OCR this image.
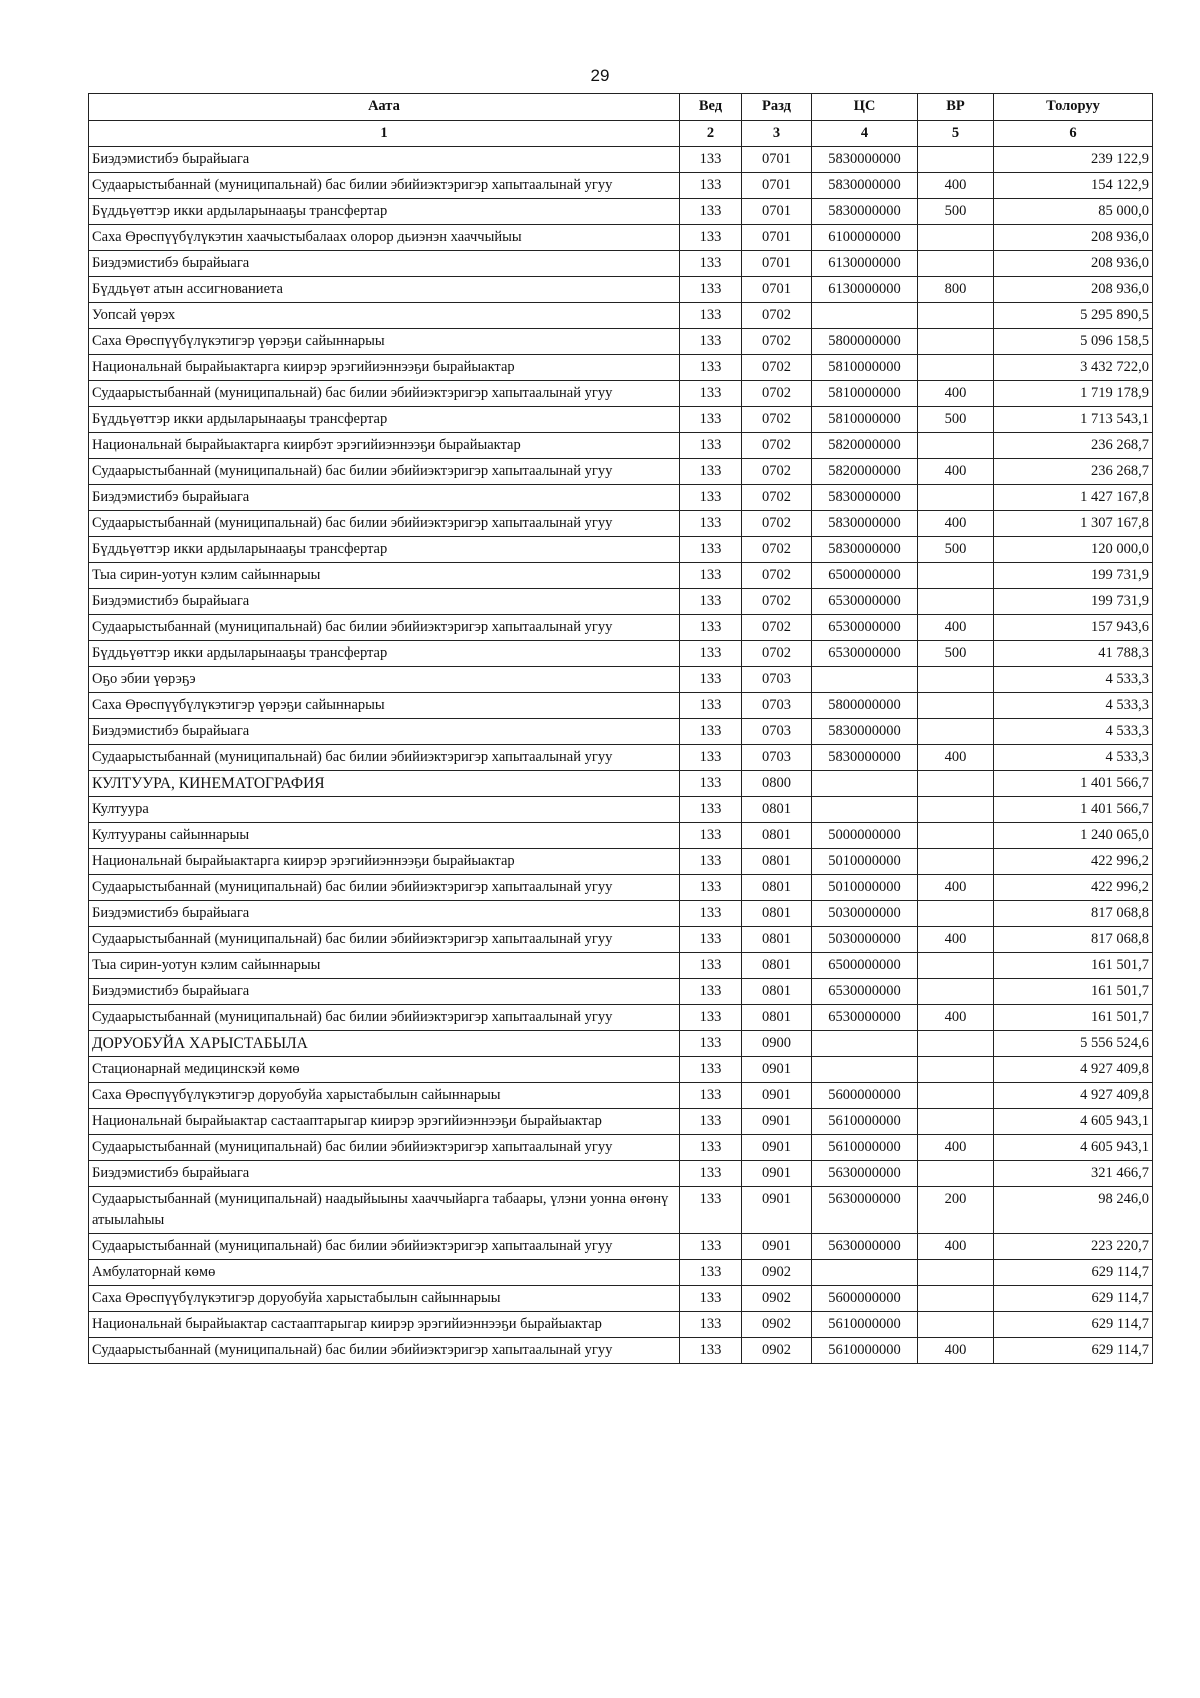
29
Аата	Вед	Разд	ЦС	ВР	Толоруу
1	2	3	4	5	6
Биэдэмистибэ бырайыага	133	0701	5830000000		239 122,9
Судаарыстыбаннай (муниципальнай) бас билии эбийиэктэригэр хапытаалынай угуу	133	0701	5830000000	400	154 122,9
Бүддьүөттэр икки ардыларынааҕы трансфертар	133	0701	5830000000	500	85 000,0
Саха Өрөспүүбүлүкэтин хаачыстыбалаах олорор дьиэнэн хааччыйыы	133	0701	6100000000		208 936,0
Биэдэмистибэ бырайыага	133	0701	6130000000		208 936,0
Бүддьүөт атын ассигнованиета	133	0701	6130000000	800	208 936,0
Уопсай үөрэх	133	0702			5 295 890,5
Саха Өрөспүүбүлүкэтигэр үөрэҕи сайыннарыы	133	0702	5800000000		5 096 158,5
Национальнай бырайыактарга киирэр эрэгийиэннээҕи бырайыактар	133	0702	5810000000		3 432 722,0
Судаарыстыбаннай (муниципальнай) бас билии эбийиэктэригэр хапытаалынай угуу	133	0702	5810000000	400	1 719 178,9
Бүддьүөттэр икки ардыларынааҕы трансфертар	133	0702	5810000000	500	1 713 543,1
Национальнай бырайыактарга киирбэт эрэгийиэннээҕи бырайыактар	133	0702	5820000000		236 268,7
Судаарыстыбаннай (муниципальнай) бас билии эбийиэктэригэр хапытаалынай угуу	133	0702	5820000000	400	236 268,7
Биэдэмистибэ бырайыага	133	0702	5830000000		1 427 167,8
Судаарыстыбаннай (муниципальнай) бас билии эбийиэктэригэр хапытаалынай угуу	133	0702	5830000000	400	1 307 167,8
Бүддьүөттэр икки ардыларынааҕы трансфертар	133	0702	5830000000	500	120 000,0
Тыа сирин-уотун кэлим сайыннарыы	133	0702	6500000000		199 731,9
Биэдэмистибэ бырайыага	133	0702	6530000000		199 731,9
Судаарыстыбаннай (муниципальнай) бас билии эбийиэктэригэр хапытаалынай угуу	133	0702	6530000000	400	157 943,6
Бүддьүөттэр икки ардыларынааҕы трансфертар	133	0702	6530000000	500	41 788,3
Оҕо эбии үөрэҕэ	133	0703			4 533,3
Саха Өрөспүүбүлүкэтигэр үөрэҕи сайыннарыы	133	0703	5800000000		4 533,3
Биэдэмистибэ бырайыага	133	0703	5830000000		4 533,3
Судаарыстыбаннай (муниципальнай) бас билии эбийиэктэригэр хапытаалынай угуу	133	0703	5830000000	400	4 533,3
КУЛТУУРА, КИНЕМАТОГРАФИЯ	133	0800			1 401 566,7
Култуура	133	0801			1 401 566,7
Култуураны сайыннарыы	133	0801	5000000000		1 240 065,0
Национальнай бырайыактарга киирэр эрэгийиэннээҕи бырайыактар	133	0801	5010000000		422 996,2
Судаарыстыбаннай (муниципальнай) бас билии эбийиэктэригэр хапытаалынай угуу	133	0801	5010000000	400	422 996,2
Биэдэмистибэ бырайыага	133	0801	5030000000		817 068,8
Судаарыстыбаннай (муниципальнай) бас билии эбийиэктэригэр хапытаалынай угуу	133	0801	5030000000	400	817 068,8
Тыа сирин-уотун кэлим сайыннарыы	133	0801	6500000000		161 501,7
Биэдэмистибэ бырайыага	133	0801	6530000000		161 501,7
Судаарыстыбаннай (муниципальнай) бас билии эбийиэктэригэр хапытаалынай угуу	133	0801	6530000000	400	161 501,7
ДОРУОБУЙА ХАРЫСТАБЫЛА	133	0900			5 556 524,6
Стационарнай медицинскэй көмө	133	0901			4 927 409,8
Саха Өрөспүүбүлүкэтигэр доруобуйа харыстабылын сайыннарыы	133	0901	5600000000		4 927 409,8
Национальнай бырайыактар састааптарыгар киирэр эрэгийиэннээҕи бырайыактар	133	0901	5610000000		4 605 943,1
Судаарыстыбаннай (муниципальнай) бас билии эбийиэктэригэр хапытаалынай угуу	133	0901	5610000000	400	4 605 943,1
Биэдэмистибэ бырайыага	133	0901	5630000000		321 466,7
Судаарыстыбаннай (муниципальнай) наадыйыыны хааччыйарга табаары, үлэни уонна өҥөнү атыылаһыы	133	0901	5630000000	200	98 246,0
Судаарыстыбаннай (муниципальнай) бас билии эбийиэктэригэр хапытаалынай угуу	133	0901	5630000000	400	223 220,7
Амбулаторнай көмө	133	0902			629 114,7
Саха Өрөспүүбүлүкэтигэр доруобуйа харыстабылын сайыннарыы	133	0902	5600000000		629 114,7
Национальнай бырайыактар састааптарыгар киирэр эрэгийиэннээҕи бырайыактар	133	0902	5610000000		629 114,7
Судаарыстыбаннай (муниципальнай) бас билии эбийиэктэригэр хапытаалынай угуу	133	0902	5610000000	400	629 114,7
